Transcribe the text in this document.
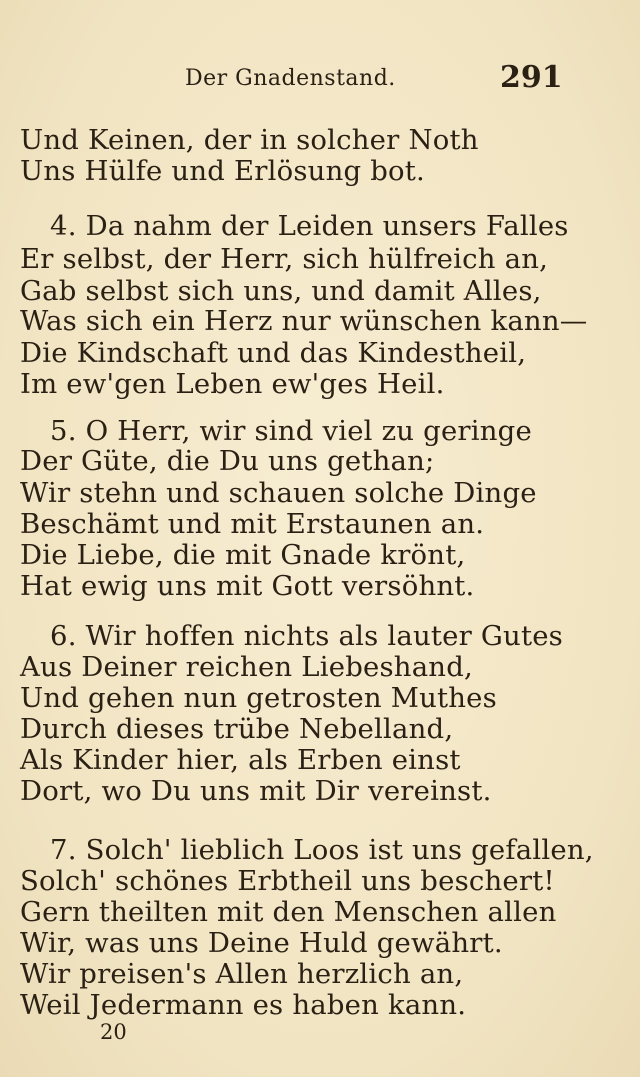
Der Gnadenstand.	291
Und Keinen, der in solcher Noth
Uns Hülfe und Erlösung bot.
4. Da nahm der Leiden unsers Falles
Er selbst, der Herr, sich hülfreich an,
Gab selbst sich uns, und damit Alles,
Was sich ein Herz nur wünschen kann—
Die Kindschaft und das Kindestheil,
Im ew'gen Leben ew'ges Heil.
5. O Herr, wir sind viel zu geringe
Der Güte, die Du uns gethan;
Wir stehn und schauen solche Dinge
Beschämt und mit Erstaunen an.
Die Liebe, die mit Gnade krönt,
Hat ewig uns mit Gott versöhnt.
6. Wir hoffen nichts als lauter Gutes
Aus Deiner reichen Liebeshand,
Und gehen nun getrosten Muthes
Durch dieses trübe Nebelland,
Als Kinder hier, als Erben einst
Dort, wo Du uns mit Dir vereinst.
7. Solch' lieblich Loos ist uns gefallen,
Solch' schönes Erbtheil uns beschert!
Gern theilten mit den Menschen allen
Wir, was uns Deine Huld gewährt.
Wir preisen's Allen herzlich an,
Weil Jedermann es haben kann.
20
